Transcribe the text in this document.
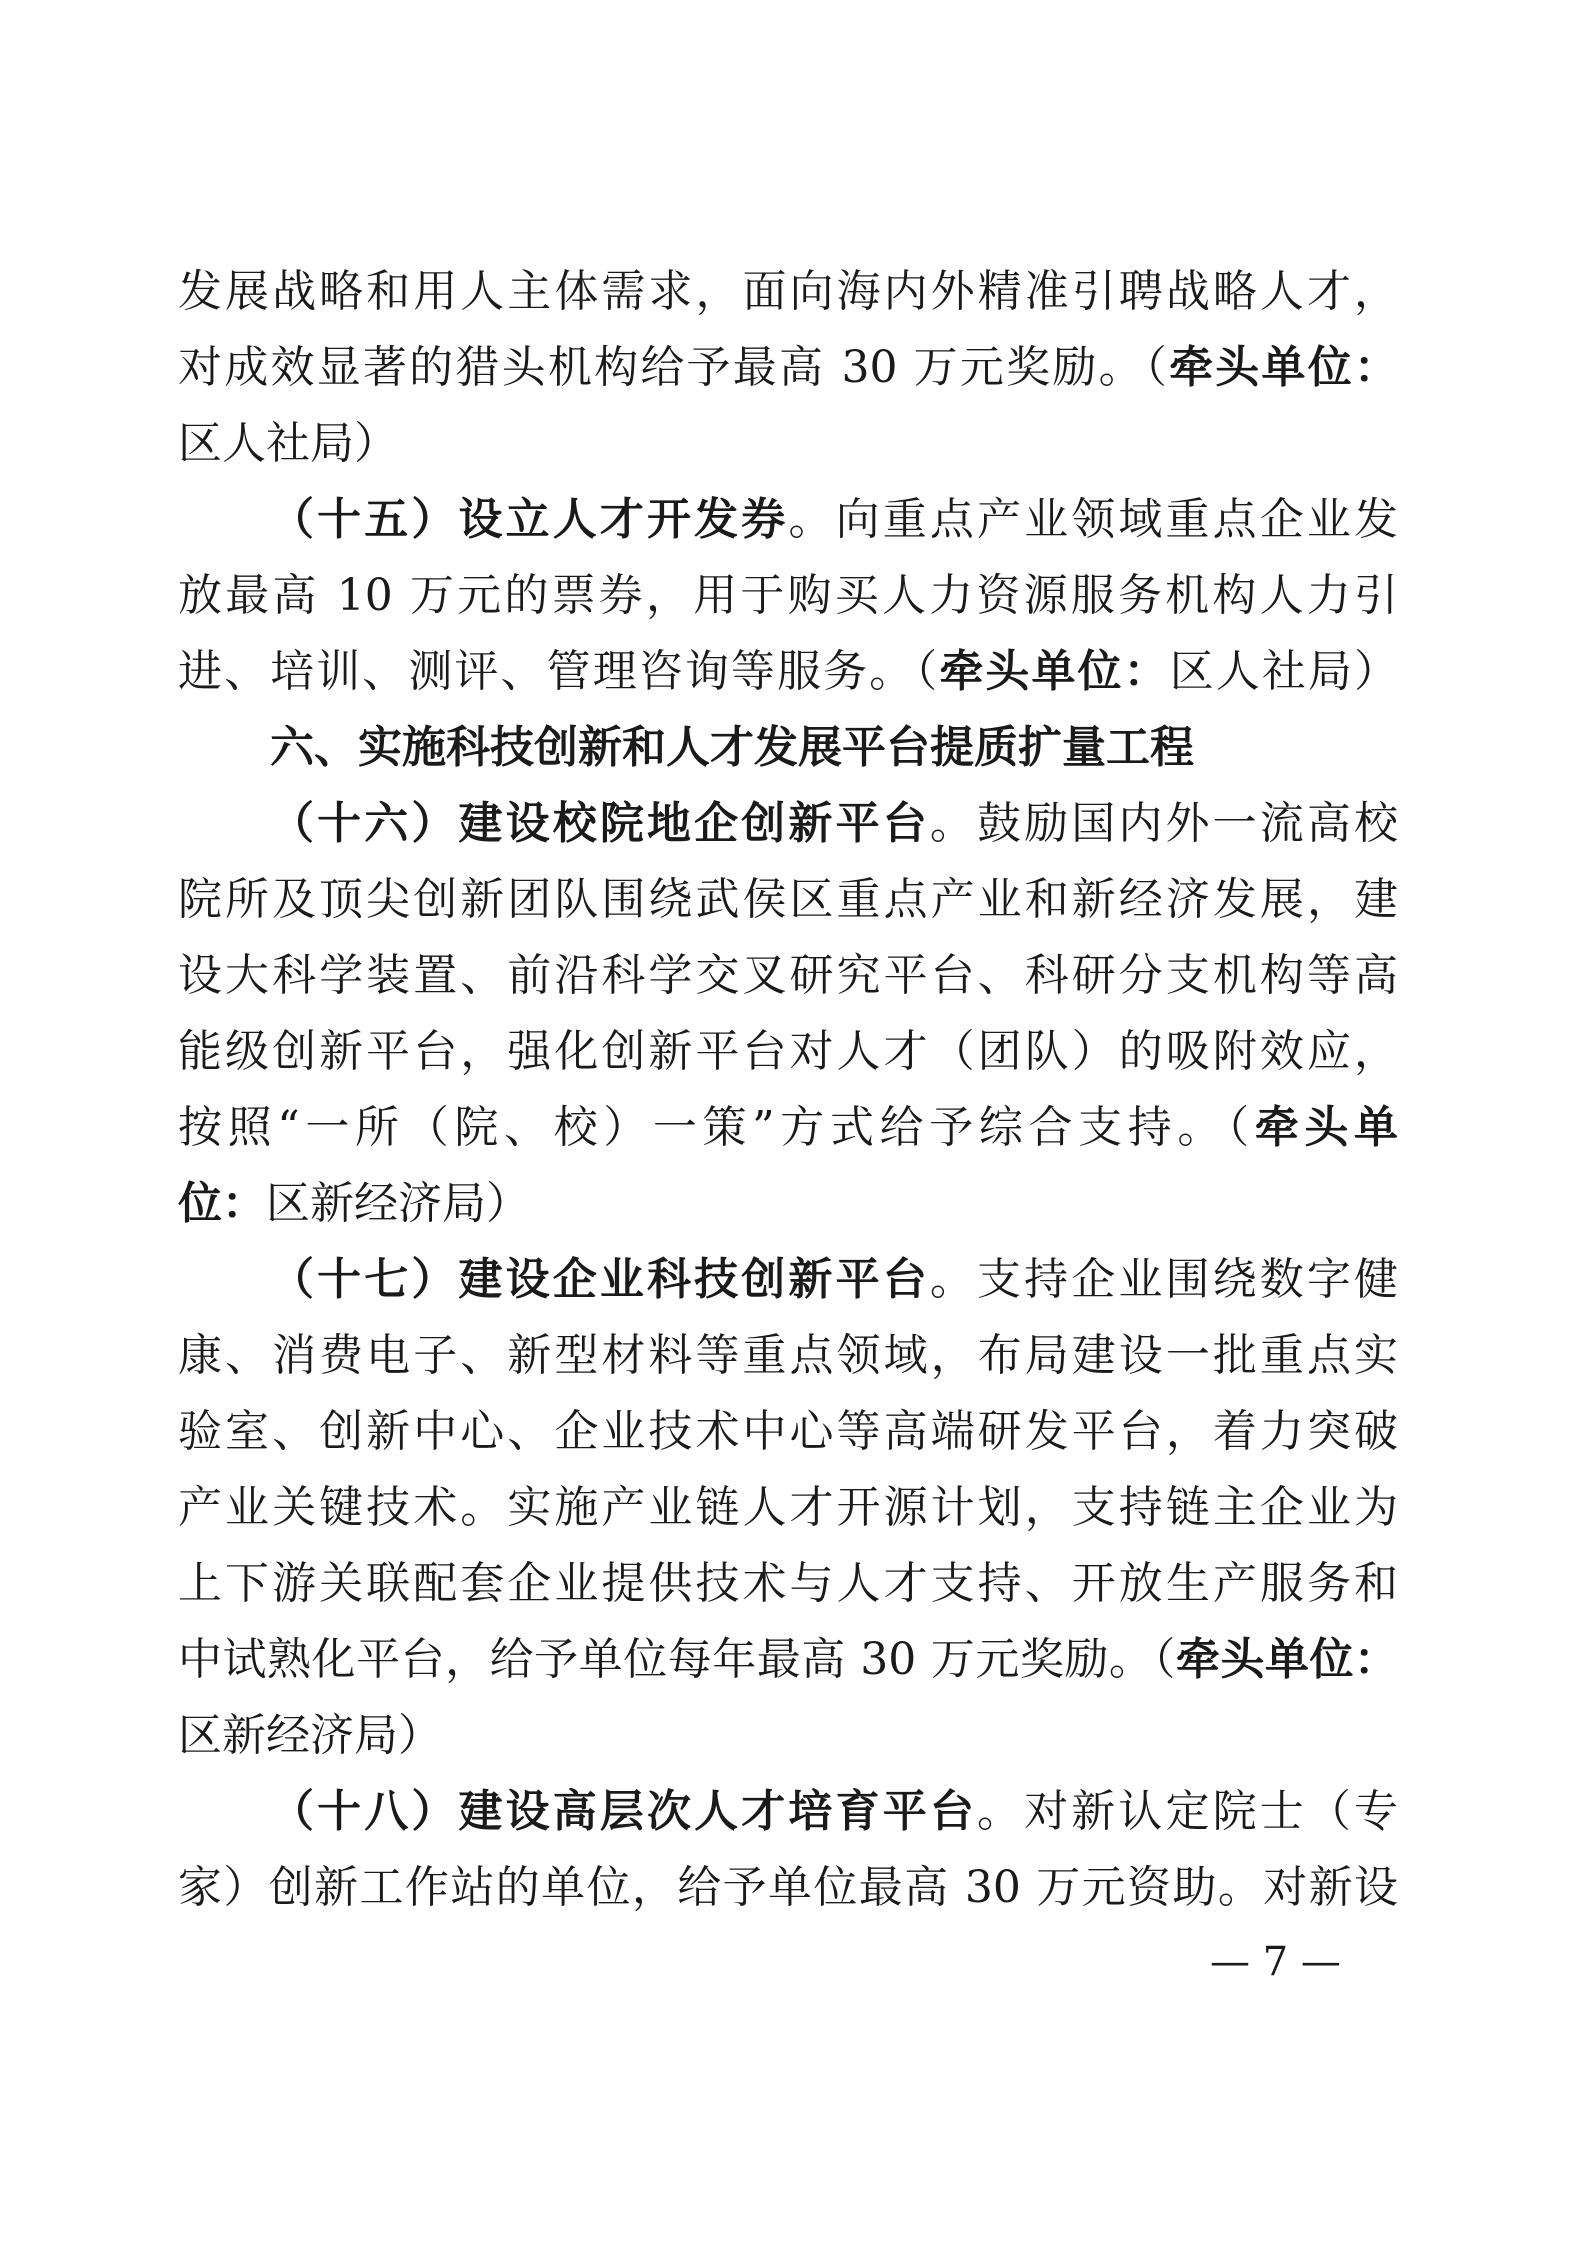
发展战略和用人主体需求，面向海内外精准引聘战略人才，
对成效显著的猎头机构给予最高 30 万元奖励。（牵头单位：
区人社局）
（十五）设立人才开发券。向重点产业领域重点企业发
放最高 10 万元的票券，用于购买人力资源服务机构人力引
进、培训、测评、管理咨询等服务。（牵头单位：区人社局）
六、实施科技创新和人才发展平台提质扩量工程
（十六）建设校院地企创新平台。鼓励国内外一流高校
院所及顶尖创新团队围绕武侯区重点产业和新经济发展，建
设大科学装置、前沿科学交叉研究平台、科研分支机构等高
能级创新平台，强化创新平台对人才（团队）的吸附效应，
按照“一所（院、校）一策”方式给予综合支持。（牵头单
位：区新经济局）
（十七）建设企业科技创新平台。支持企业围绕数字健
康、消费电子、新型材料等重点领域，布局建设一批重点实
验室、创新中心、企业技术中心等高端研发平台，着力突破
产业关键技术。实施产业链人才开源计划，支持链主企业为
上下游关联配套企业提供技术与人才支持、开放生产服务和
中试熟化平台，给予单位每年最高 30 万元奖励。（牵头单位：
区新经济局）
（十八）建设高层次人才培育平台。对新认定院士（专
家）创新工作站的单位，给予单位最高 30 万元资助。对新设
— 7 —
